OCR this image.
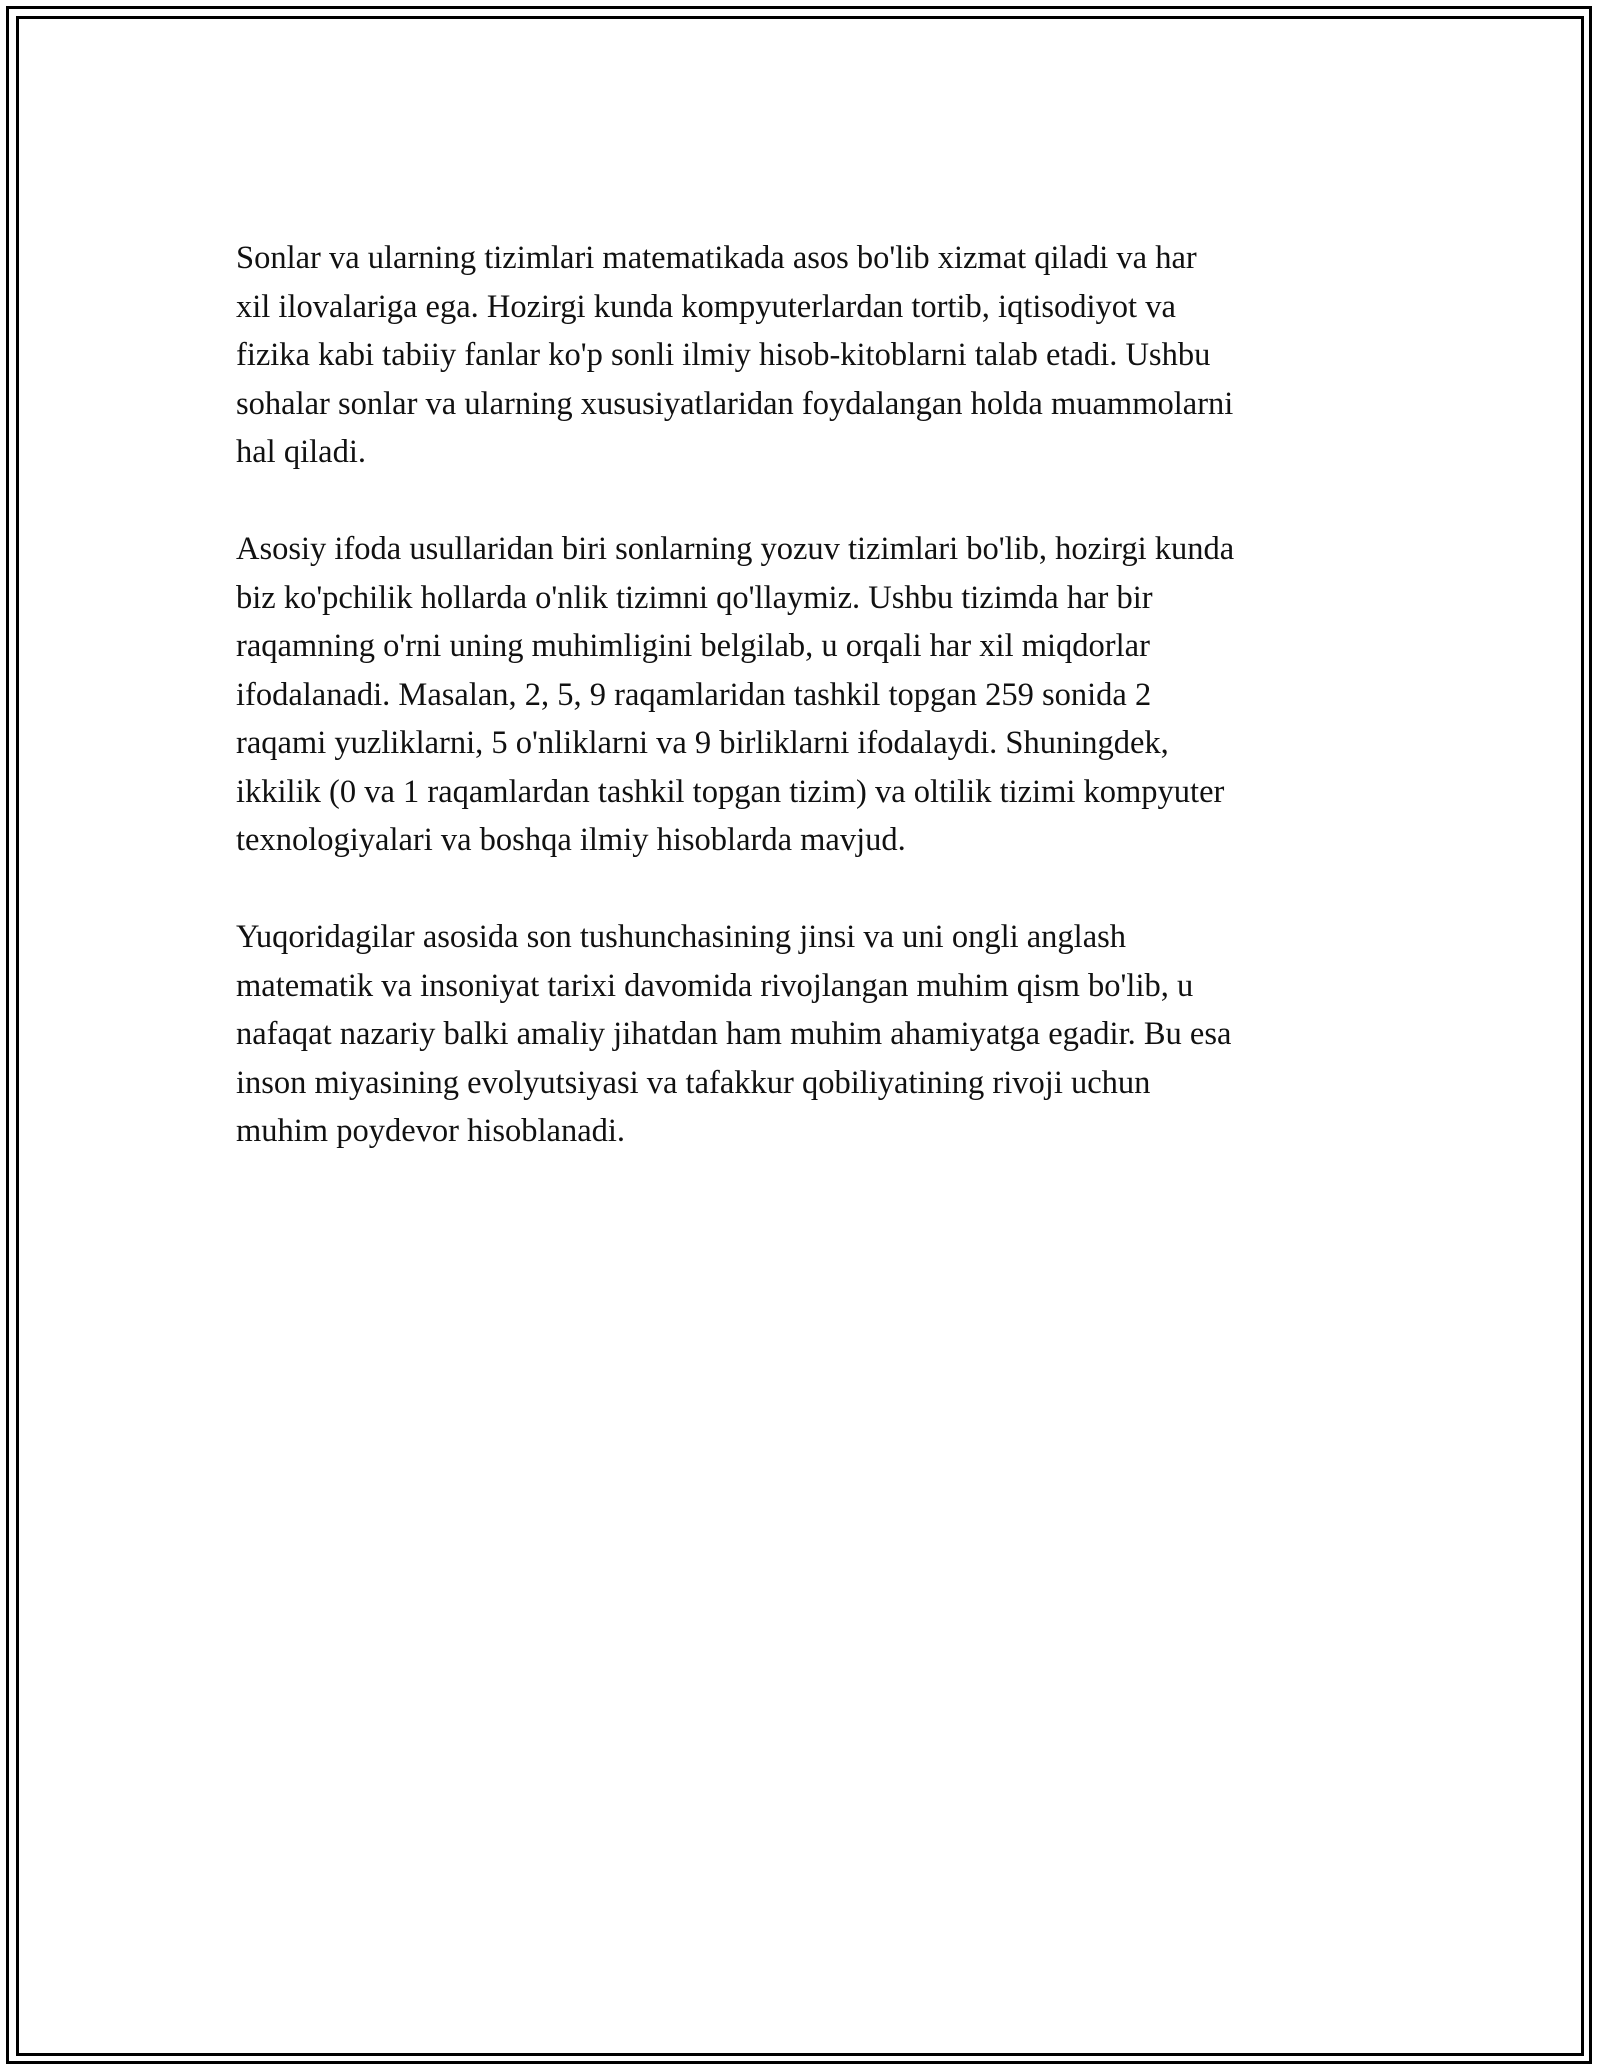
Sonlar va ularning tizimlari matematikada asos bo'lib xizmat qiladi va har
xil ilovalariga ega. Hozirgi kunda kompyuterlardan tortib, iqtisodiyot va
fizika kabi tabiiy fanlar ko'p sonli ilmiy hisob-kitoblarni talab etadi. Ushbu
sohalar sonlar va ularning xususiyatlaridan foydalangan holda muammolarni
hal qiladi.

Asosiy ifoda usullaridan biri sonlarning yozuv tizimlari bo'lib, hozirgi kunda
biz ko'pchilik hollarda o'nlik tizimni qo'llaymiz. Ushbu tizimda har bir
raqamning o'rni uning muhimligini belgilab, u orqali har xil miqdorlar
ifodalanadi. Masalan, 2, 5, 9 raqamlaridan tashkil topgan 259 sonida 2
raqami yuzliklarni, 5 o'nliklarni va 9 birliklarni ifodalaydi. Shuningdek,
ikkilik (0 va 1 raqamlardan tashkil topgan tizim) va oltilik tizimi kompyuter
texnologiyalari va boshqa ilmiy hisoblarda mavjud.

Yuqoridagilar asosida son tushunchasining jinsi va uni ongli anglash
matematik va insoniyat tarixi davomida rivojlangan muhim qism bo'lib, u
nafaqat nazariy balki amaliy jihatdan ham muhim ahamiyatga egadir. Bu esa
inson miyasining evolyutsiyasi va tafakkur qobiliyatining rivoji uchun
muhim poydevor hisoblanadi.
